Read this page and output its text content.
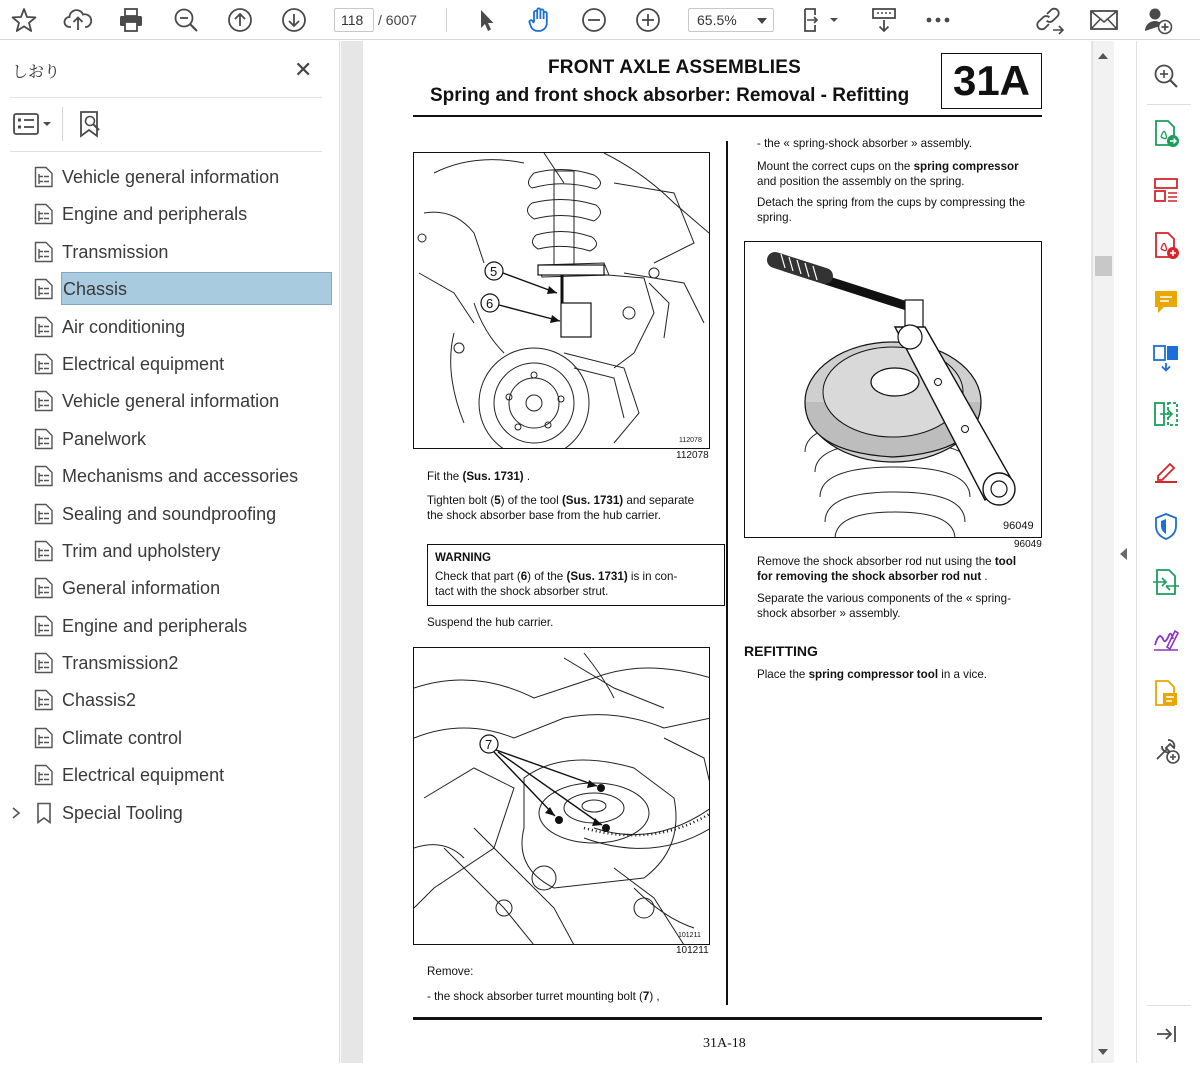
118	/ 6007	65.5%
しおり	✕
Vehicle general information
Engine and peripherals
Transmission
Chassis
Air conditioning
Electrical equipment
Vehicle general information
Panelwork
Mechanisms and accessories
Sealing and soundproofing
Trim and upholstery
General information
Engine and peripherals
Transmission2
Chassis2
Climate control
Electrical equipment
Special Tooling
FRONT AXLE ASSEMBLIES
Spring and front shock absorber: Removal - Refitting 31A
5
6
112078
112078
Fit the (Sus. 1731) .
Tighten bolt (5) of the tool (Sus. 1731) and separate
the shock absorber base from the hub carrier.
WARNING
Check that part (6) of the (Sus. 1731) is in con-
tact with the shock absorber strut.
Suspend the hub carrier.
7
101211
101211
Remove:
- the shock absorber turret mounting bolt (7) ,
- the « spring-shock absorber » assembly.
Mount the correct cups on the spring compressor
and position the assembly on the spring.
Detach the spring from the cups by compressing the
spring.
96049
96049
Remove the shock absorber rod nut using the tool
for removing the shock absorber rod nut .
Separate the various components of the « spring-
shock absorber » assembly.
REFITTING
Place the spring compressor tool in a vice.
31A-18
